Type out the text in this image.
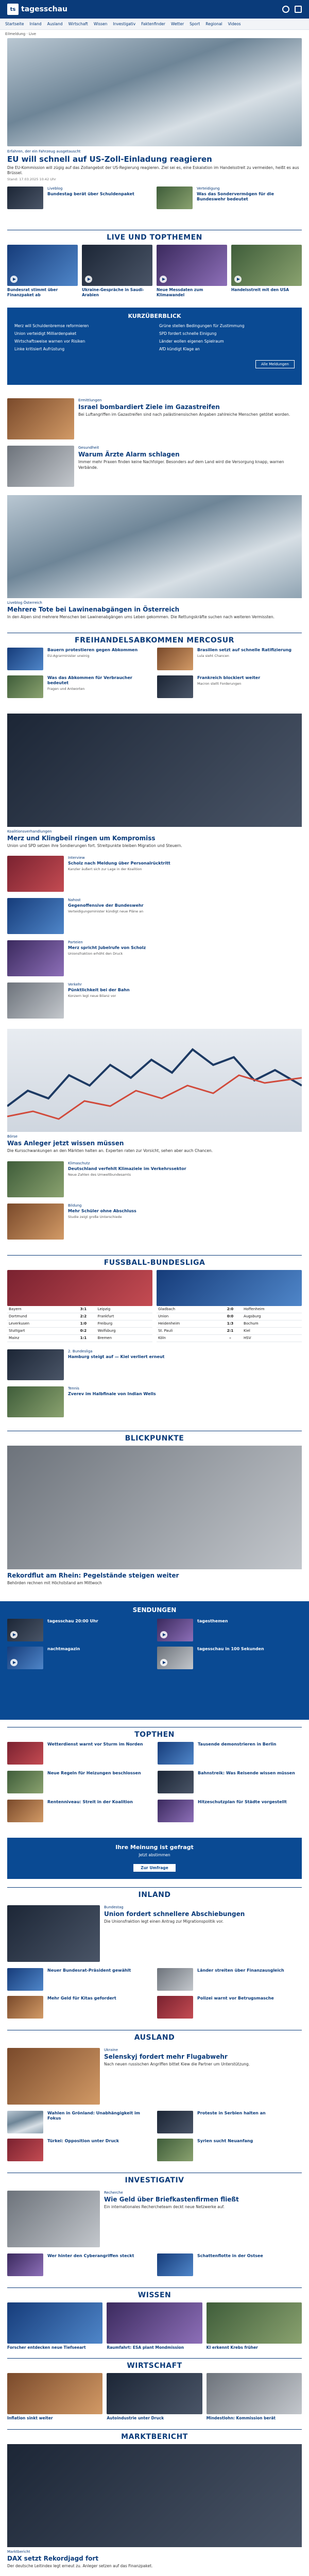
ts tagesschau
Startseite Inland Ausland Wirtschaft Wissen Investigativ Faktenfinder Wetter Sport Regional Videos
Eilmeldung · Live
Erfahren, der ein Fahrzeug ausgetauscht
EU will schnell auf US-Zoll-Einladung reagieren
Die EU-Kommission will zügig auf das Zollangebot der US-Regierung reagieren. Ziel sei es, eine Eskalation im Handelsstreit zu vermeiden, heißt es aus Brüssel.
Stand: 17.03.2025 10:42 Uhr
Liveblog
Bundestag berät über Schuldenpaket
Verteidigung
Was das Sondervermögen für die Bundeswehr bedeutet
LIVE UND TOPTHEMEN
Bundesrat stimmt über Finanzpaket ab
Ukraine-Gespräche in Saudi-Arabien
Neue Messdaten zum Klimawandel
Handelsstreit mit den USA
KURZÜBERBLICK
Merz will Schuldenbremse reformieren	Grüne stellen Bedingungen für Zustimmung
Union verteidigt Milliardenpaket	SPD fordert schnelle Einigung
Wirtschaftsweise warnen vor Risiken	Länder wollen eigenen Spielraum
Linke kritisiert Aufrüstung	AfD kündigt Klage an
Alle Meldungen
Ermittlungen
Israel bombardiert Ziele im Gazastreifen
Bei Luftangriffen im Gazastreifen sind nach palästinensischen Angaben zahlreiche Menschen getötet worden.
Gesundheit
Warum Ärzte Alarm schlagen
Immer mehr Praxen finden keine Nachfolger. Besonders auf dem Land wird die Versorgung knapp, warnen Verbände.
Liveblog Österreich
Mehrere Tote bei Lawinenabgängen in Österreich
In den Alpen sind mehrere Menschen bei Lawinenabgängen ums Leben gekommen. Die Rettungskräfte suchen nach weiteren Vermissten.
FREIHANDELSABKOMMEN MERCOSUR
Bauern protestieren gegen Abkommen
EU-Agrarminister uneinig
Brasilien setzt auf schnelle Ratifizierung
Lula sieht Chancen
Was das Abkommen für Verbraucher bedeutet
Fragen und Antworten
Frankreich blockiert weiter
Macron stellt Forderungen
Koalitionsverhandlungen
Merz und Klingbeil ringen um Kompromiss
Union und SPD setzen ihre Sondierungen fort. Streitpunkte bleiben Migration und Steuern.
Interview
Scholz nach Meldung über Personalrücktritt
Kanzler äußert sich zur Lage in der Koalition
Nahost
Gegenoffensive der Bundeswehr
Verteidigungsminister kündigt neue Pläne an
Parteien
Merz spricht Jubelrufe von Scholz
Unionsfraktion erhöht den Druck
Verkehr
Pünktlichkeit bei der Bahn
Konzern legt neue Bilanz vor
Börse
Was Anleger jetzt wissen müssen
Die Kursschwankungen an den Märkten halten an. Experten raten zur Vorsicht, sehen aber auch Chancen.
Klimaschutz
Deutschland verfehlt Klimaziele im Verkehrssektor
Neue Zahlen des Umweltbundesamts
Bildung
Mehr Schüler ohne Abschluss
Studie zeigt große Unterschiede
FUSSBALL-BUNDESLIGA
Bayern	3:1	Leipzig
Dortmund	2:2	Frankfurt
Leverkusen	1:0	Freiburg
Stuttgart	0:2	Wolfsburg
Mainz	1:1	Bremen
Gladbach	2:0	Hoffenheim
Union	0:0	Augsburg
Heidenheim	1:3	Bochum
St. Pauli	2:1	Kiel
Köln	–	HSV
2. Bundesliga
Hamburg steigt auf — Kiel verliert erneut
Tennis
Zverev im Halbfinale von Indian Wells
BLICKPUNKTE
Rekordflut am Rhein: Pegelstände steigen weiter
Behörden rechnen mit Höchststand am Mittwoch
SENDUNGEN
tagesschau 20:00 Uhr	tagesthemen
nachtmagazin	tagesschau in 100 Sekunden
TOPTHEN
Wetterdienst warnt vor Sturm im Norden	Tausende demonstrieren in Berlin
Neue Regeln für Heizungen beschlossen	Bahnstreik: Was Reisende wissen müssen
Rentenniveau: Streit in der Koalition	Hitzeschutzplan für Städte vorgestellt
Ihre Meinung ist gefragt
Jetzt abstimmen
Zur Umfrage
INLAND
Bundestag
Union fordert schnellere Abschiebungen
Die Unionsfraktion legt einen Antrag zur Migrationspolitik vor.
Neuer Bundesrat-Präsident gewählt	Länder streiten über Finanzausgleich
Mehr Geld für Kitas gefordert	Polizei warnt vor Betrugsmasche
AUSLAND
Ukraine
Selenskyj fordert mehr Flugabwehr
Nach neuen russischen Angriffen bittet Kiew die Partner um Unterstützung.
Wahlen in Grönland: Unabhängigkeit im Fokus
Proteste in Serbien halten an
Türkei: Opposition unter Druck	Syrien sucht Neuanfang
INVESTIGATIV
Recherche
Wie Geld über Briefkastenfirmen fließt
Ein internationales Rechercheteam deckt neue Netzwerke auf.
Wer hinter den Cyberangriffen steckt	Schattenflotte in der Ostsee
WISSEN
Forscher entdecken neue Tiefseeart	Raumfahrt: ESA plant Mondmission	KI erkennt Krebs früher
WIRTSCHAFT
Inflation sinkt weiter	Autoindustrie unter Druck	Mindestlohn: Kommission berät
MARKTBERICHT
Marktbericht
DAX setzt Rekordjagd fort
Der deutsche Leitindex legt erneut zu. Anleger setzen auf das Finanzpaket.
